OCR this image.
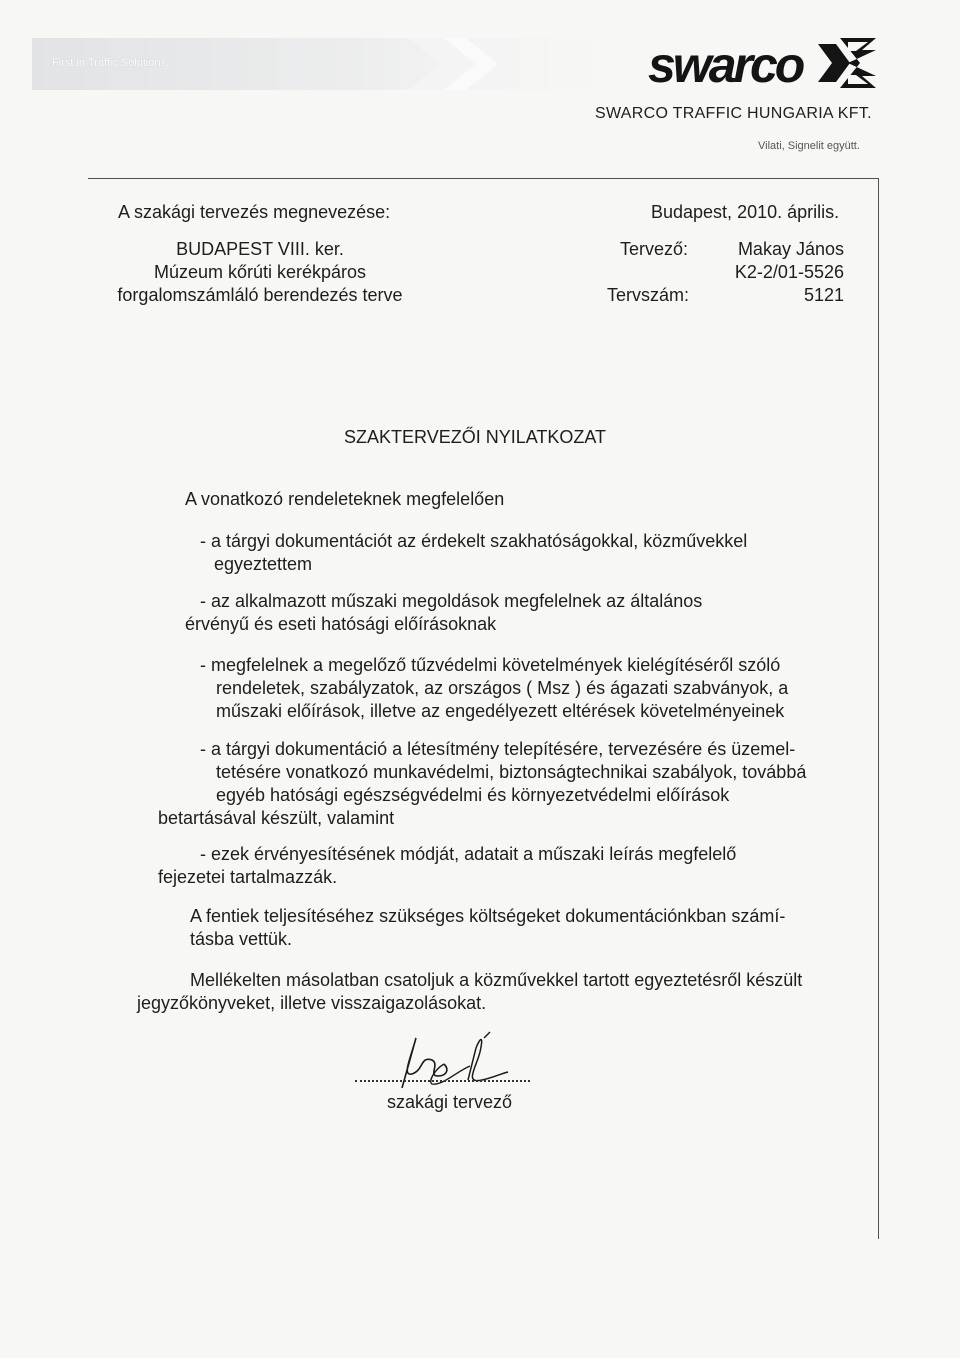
First in Traffic Solutions.	swarco
SWARCO TRAFFIC HUNGARIA KFT.
Vilati, Signelit együtt.
A szakági tervezés megnevezése:	Budapest, 2010. április.
BUDAPEST VIII. ker.
Múzeum kőrúti kerékpáros
forgalomszámláló berendezés terve
Tervező:	Makay János
K2-2/01-5526
Tervszám:	5121
SZAKTERVEZŐI NYILATKOZAT
A vonatkozó rendeleteknek megfelelően
- a tárgyi dokumentációt az érdekelt szakhatóságokkal, közművekkel
egyeztettem
- az alkalmazott műszaki megoldások megfelelnek az általános
érvényű és eseti hatósági előírásoknak
- megfelelnek a megelőző tűzvédelmi követelmények kielégítéséről szóló
rendeletek, szabályzatok, az országos ( Msz ) és ágazati szabványok, a
műszaki előírások, illetve az engedélyezett eltérések követelményeinek
- a tárgyi dokumentáció a létesítmény telepítésére, tervezésére és üzemel-
tetésére vonatkozó munkavédelmi, biztonságtechnikai szabályok, továbbá
egyéb hatósági egészségvédelmi és környezetvédelmi előírások
betartásával készült, valamint
- ezek érvényesítésének módját, adatait a műszaki leírás megfelelő
fejezetei tartalmazzák.
A fentiek teljesítéséhez szükséges költségeket dokumentációnkban számí-
tásba vettük.
Mellékelten másolatban csatoljuk a közművekkel tartott egyeztetésről készült
jegyzőkönyveket, illetve visszaigazolásokat.
szakági tervező
